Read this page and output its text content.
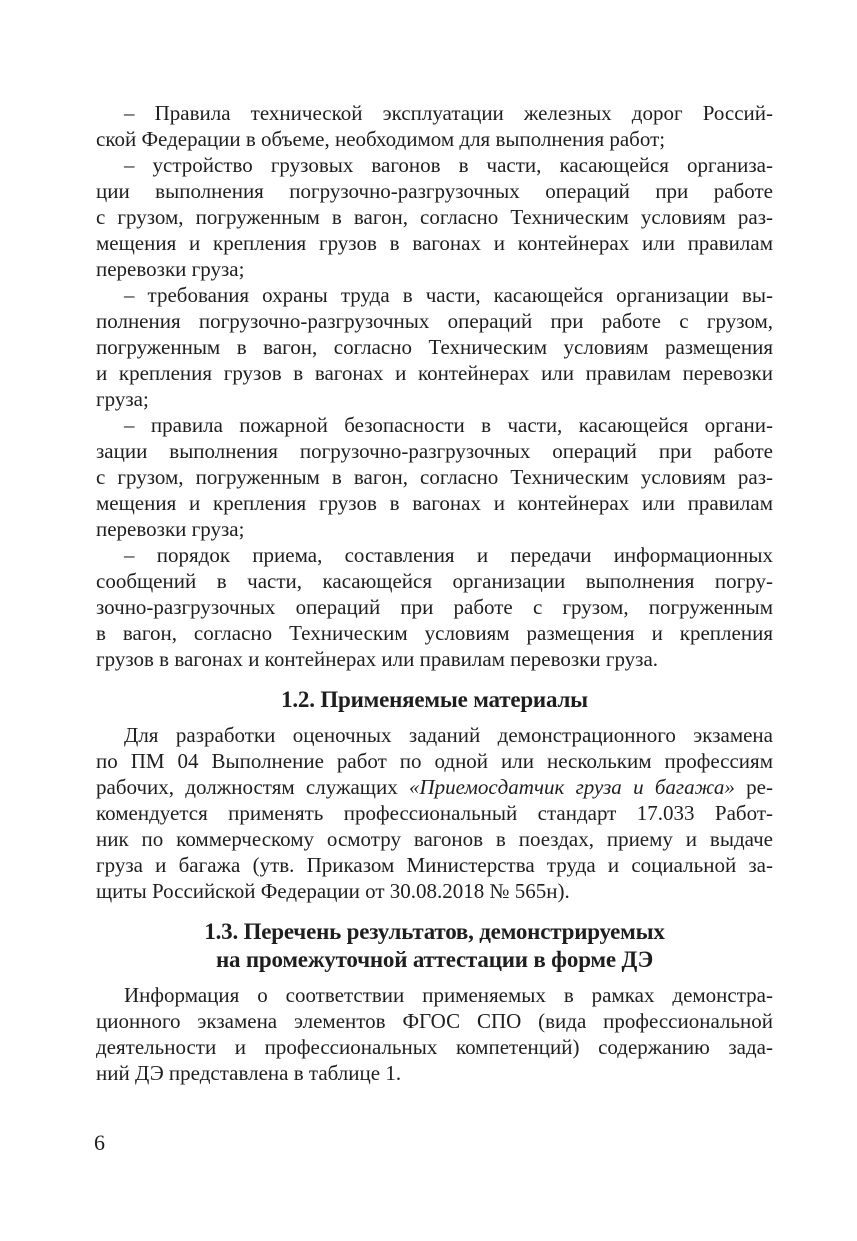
– Правила технической эксплуатации железных дорог Россий-
ской Федерации в объеме, необходимом для выполнения работ;
– устройство грузовых вагонов в части, касающейся организа-
ции выполнения погрузочно-разгрузочных операций при работе
с грузом, погруженным в вагон, согласно Техническим условиям раз-
мещения и крепления грузов в вагонах и контейнерах или правилам
перевозки груза;
– требования охраны труда в части, касающейся организации вы-
полнения погрузочно-разгрузочных операций при работе с грузом,
погруженным в вагон, согласно Техническим условиям размещения
и крепления грузов в вагонах и контейнерах или правилам перевозки
груза;
– правила пожарной безопасности в части, касающейся органи-
зации выполнения погрузочно-разгрузочных операций при работе
с грузом, погруженным в вагон, согласно Техническим условиям раз-
мещения и крепления грузов в вагонах и контейнерах или правилам
перевозки груза;
– порядок приема, составления и передачи информационных
сообщений в части, касающейся организации выполнения погру-
зочно-разгрузочных операций при работе с грузом, погруженным
в вагон, согласно Техническим условиям размещения и крепления
грузов в вагонах и контейнерах или правилам перевозки груза.
1.2. Применяемые материалы
Для разработки оценочных заданий демонстрационного экзамена
по ПМ 04 Выполнение работ по одной или нескольким профессиям
рабочих, должностям служащих «Приемосдатчик груза и багажа» ре-
комендуется применять профессиональный стандарт 17.033 Работ-
ник по коммерческому осмотру вагонов в поездах, приему и выдаче
груза и багажа (утв. Приказом Министерства труда и социальной за-
щиты Российской Федерации от 30.08.2018 № 565н).
1.3. Перечень результатов, демонстрируемых
на промежуточной аттестации в форме ДЭ
Информация о соответствии применяемых в рамках демонстра-
ционного экзамена элементов ФГОС СПО (вида профессиональной
деятельности и профессиональных компетенций) содержанию зада-
ний ДЭ представлена в таблице 1.
6
